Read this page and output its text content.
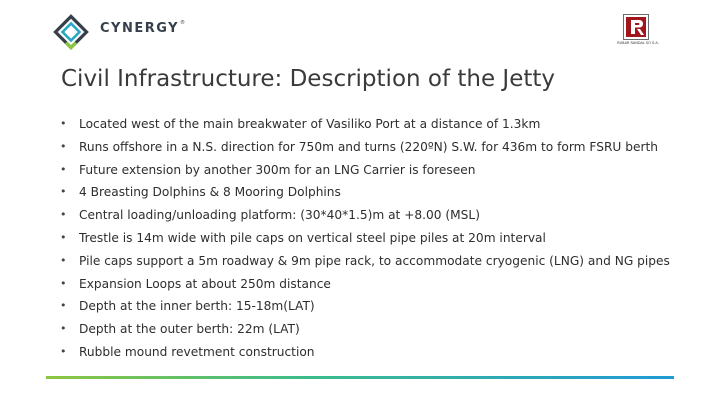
CYNERGY®
RUBAR RANDAL SO S.A.
Civil Infrastructure: Description of the Jetty
• Located west of the main breakwater of Vasiliko Port at a distance of 1.3km
• Runs offshore in a N.S. direction for 750m and turns (220ºN) S.W. for 436m to form FSRU berth
• Future extension by another 300m for an LNG Carrier is foreseen
• 4 Breasting Dolphins & 8 Mooring Dolphins
• Central loading/unloading platform: (30*40*1.5)m at +8.00 (MSL)
• Trestle is 14m wide with pile caps on vertical steel pipe piles at 20m interval
• Pile caps support a 5m roadway & 9m pipe rack, to accommodate cryogenic (LNG) and NG pipes
• Expansion Loops at about 250m distance
• Depth at the inner berth: 15-18m(LAT)
• Depth at the outer berth: 22m (LAT)
• Rubble mound revetment construction
